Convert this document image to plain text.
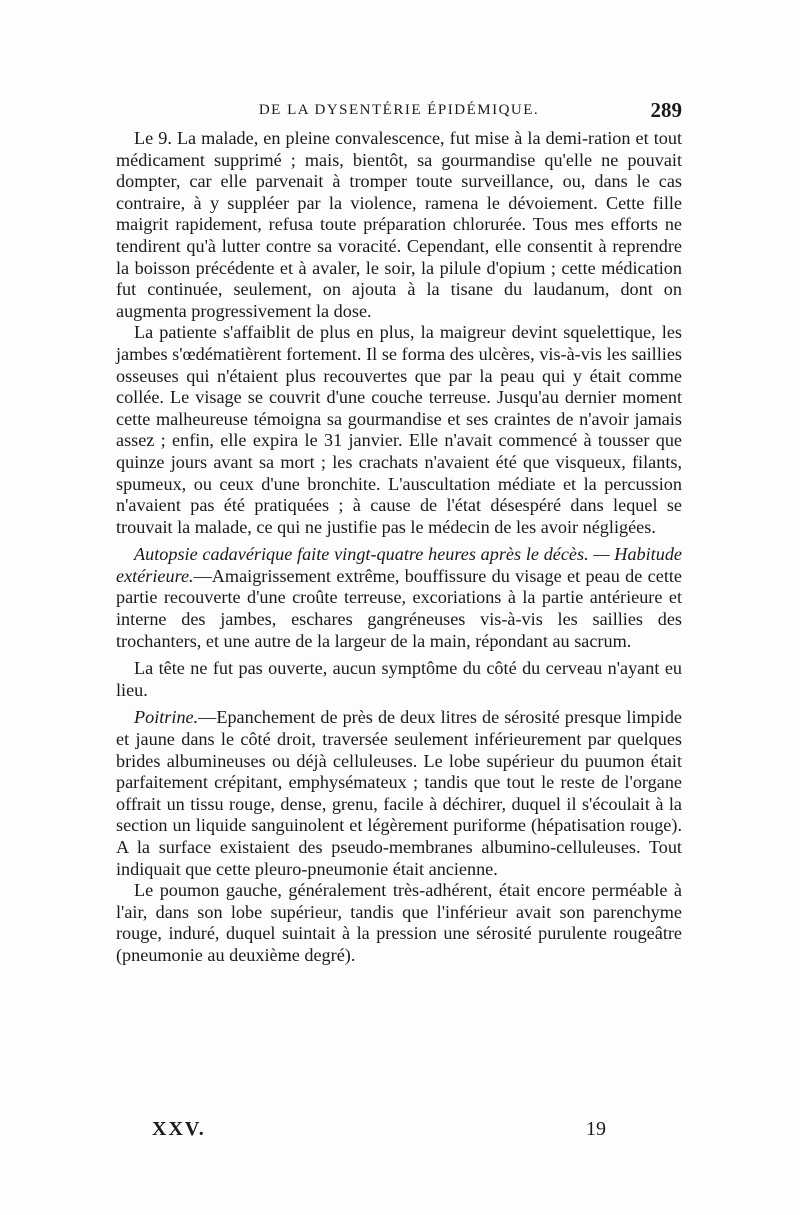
DE LA DYSENTÉRIE ÉPIDÉMIQUE.	289

Le 9. La malade, en pleine convalescence, fut mise à la demi-ration et tout médicament supprimé ; mais, bientôt, sa gourmandise qu'elle ne pouvait dompter, car elle parvenait à tromper toute surveillance, ou, dans le cas contraire, à y suppléer par la violence, ramena le dévoiement. Cette fille maigrit rapidement, refusa toute préparation chlorurée. Tous mes efforts ne tendirent qu'à lutter contre sa voracité. Cependant, elle consentit à reprendre la boisson précédente et à avaler, le soir, la pilule d'opium ; cette médication fut continuée, seulement, on ajouta à la tisane du laudanum, dont on augmenta progressivement la dose.

La patiente s'affaiblit de plus en plus, la maigreur devint squelettique, les jambes s'œdématièrent fortement. Il se forma des ulcères, vis-à-vis les saillies osseuses qui n'étaient plus recouvertes que par la peau qui y était comme collée. Le visage se couvrit d'une couche terreuse. Jusqu'au dernier moment cette malheureuse témoigna sa gourmandise et ses craintes de n'avoir jamais assez ; enfin, elle expira le 31 janvier. Elle n'avait commencé à tousser que quinze jours avant sa mort ; les crachats n'avaient été que visqueux, filants, spumeux, ou ceux d'une bronchite. L'auscultation médiate et la percussion n'avaient pas été pratiquées ; à cause de l'état désespéré dans lequel se trouvait la malade, ce qui ne justifie pas le médecin de les avoir négligées.

Autopsie cadavérique faite vingt-quatre heures après le décès. — Habitude extérieure.—Amaigrissement extrême, bouffissure du visage et peau de cette partie recouverte d'une croûte terreuse, excoriations à la partie antérieure et interne des jambes, eschares gangréneuses vis-à-vis les saillies des trochanters, et une autre de la largeur de la main, répondant au sacrum.

La tête ne fut pas ouverte, aucun symptôme du côté du cerveau n'ayant eu lieu.

Poitrine.—Epanchement de près de deux litres de sérosité presque limpide et jaune dans le côté droit, traversée seulement inférieurement par quelques brides albumineuses ou déjà celluleuses. Le lobe supérieur du puumon était parfaitement crépitant, emphysémateux ; tandis que tout le reste de l'organe offrait un tissu rouge, dense, grenu, facile à déchirer, duquel il s'écoulait à la section un liquide sanguinolent et légèrement puriforme (hépatisation rouge). A la surface existaient des pseudo-membranes albumino-celluleuses. Tout indiquait que cette pleuro-pneumonie était ancienne.

Le poumon gauche, généralement très-adhérent, était encore perméable à l'air, dans son lobe supérieur, tandis que l'inférieur avait son parenchyme rouge, induré, duquel suintait à la pression une sérosité purulente rougeâtre (pneumonie au deuxième degré).

XXV.	19
